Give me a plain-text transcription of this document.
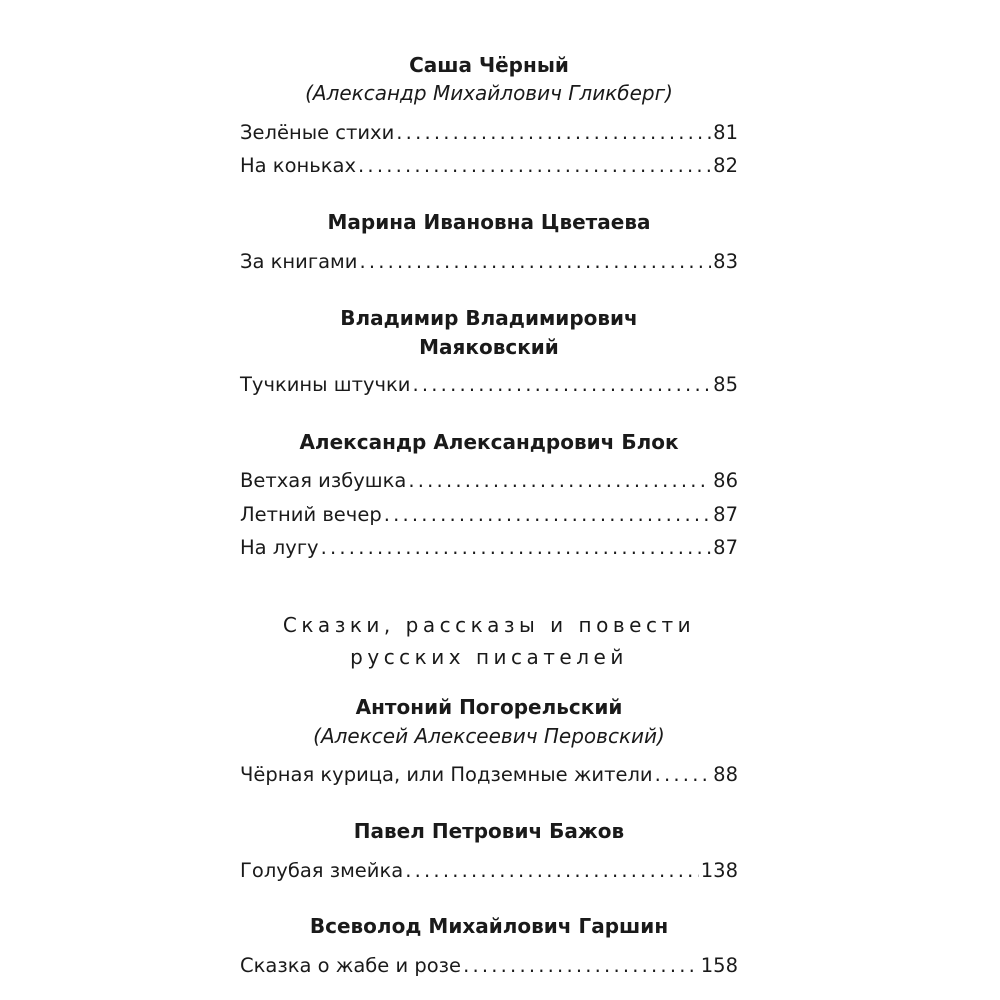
Саша Чёрный
(Александр Михайлович Гликберг)
Зелёные стихи .....	81
На коньках .....	82
Марина Ивановна Цветаева
За книгами .....	83
Владимир Владимирович
Маяковский
Тучкины штучки .....	85
Александр Александрович Блок
Ветхая избушка .....	86
Летний вечер .....	87
На лугу .....	87
Сказки, рассказы и повести
русских писателей
Антоний Погорельский
(Алексей Алексеевич Перовский)
Чёрная курица, или Подземные жители .....	88
Павел Петрович Бажов
Голубая змейка .....	138
Всеволод Михайлович Гаршин
Сказка о жабе и розе .....	158
